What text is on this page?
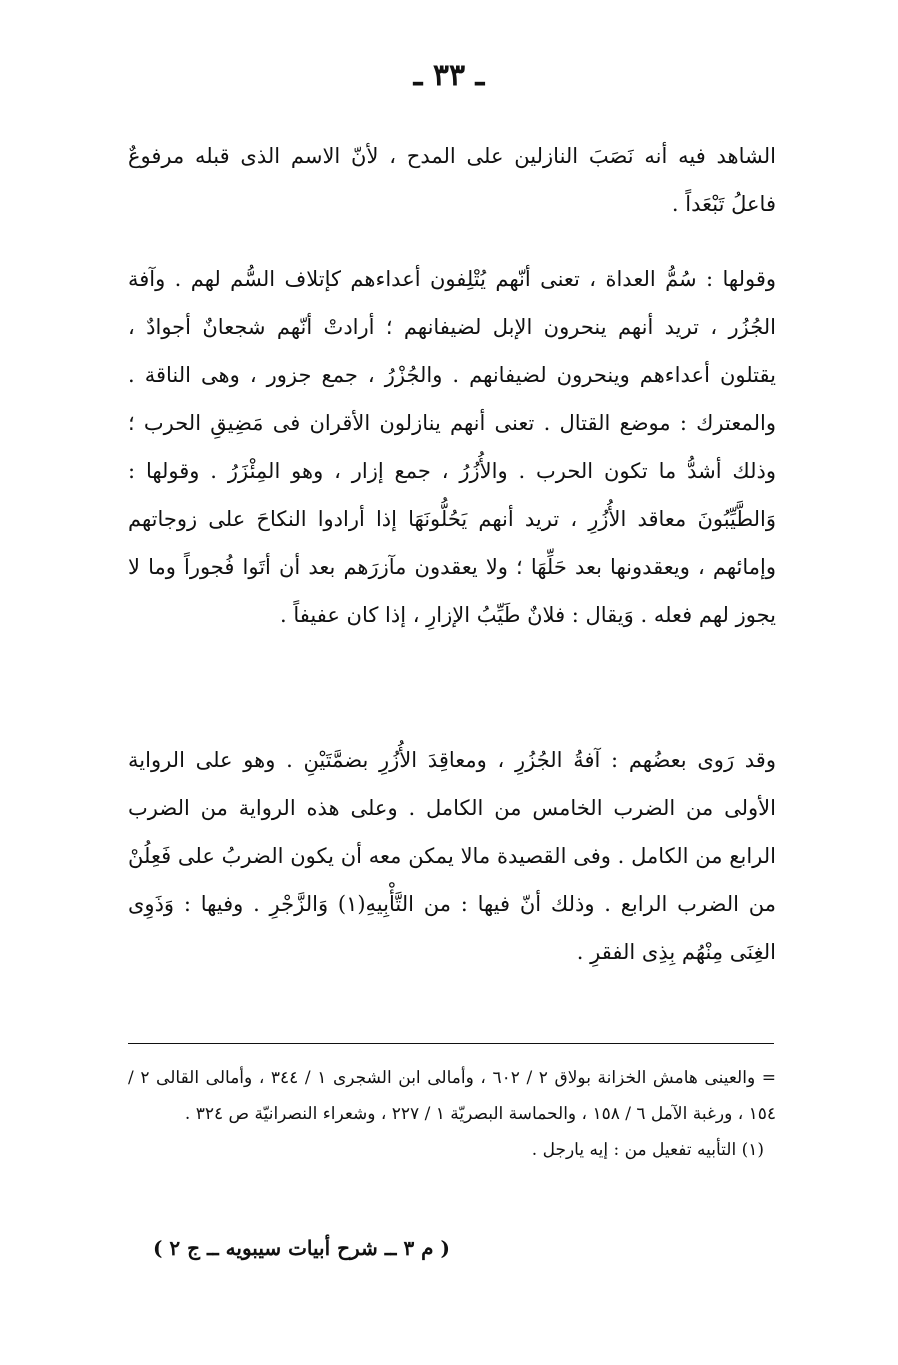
ـ ٣٣ ـ

الشاهد فيه أنه نَصَبَ النازلين على المدح ، لأنّ الاسم الذى قبله مرفوعٌ فاعلُ تَبْعَداً .

وقولها : سُمُّ العداة ، تعنى أنّهم يُتْلِفون أعداءهم كإتلاف السُّم لهم . وآفة الجُزُر ، تريد أنهم ينحرون الإبل لضيفانهم ؛ أرادتْ أنّهم شجعانٌ أجوادٌ ، يقتلون أعداءهم وينحرون لضيفانهم . والجُزْرُ ، جمع جزور ، وهى الناقة . والمعترك : موضع القتال . تعنى أنهم ينازلون الأقران فى مَضِيقِ الحرب ؛ وذلك أشدُّ ما تكون الحرب . والأُزُرُ ، جمع إزار ، وهو المِئْزَرُ . وقولها : وَالطَّيِّبُونَ معاقد الأُزُرِ ، تريد أنهم يَحُلُّونَهَا إذا أرادوا النكاحَ على زوجاتهم وإمائهم ، ويعقدونها بعد حَلِّهَا ؛ ولا يعقدون مآزرَهم بعد أن أتَوا فُجوراً وما لا يجوز لهم فعله . وَيقال : فلانٌ طَيِّبُ الإزارِ ، إذا كان عفيفاً .

وقد رَوى بعضُهم : آفةُ الجُزُرِ ، ومعاقِدَ الأُزُرِ بضمَّتَيْنِ . وهو على الرواية الأولى من الضرب الخامس من الكامل . وعلى هذه الرواية من الضرب الرابع من الكامل . وفى القصيدة مالا يمكن معه أن يكون الضربُ على فَعِلُنْ من الضرب الرابع . وذلك أنّ فيها : من التَّأْبِيهِ(١) وَالزَّجْرِ . وفيها : وَذَوِى الغِنَى مِنْهُم بِذِى الفقرِ .

= والعينى هامش الخزانة بولاق ٢ / ٦٠٢ ، وأمالى ابن الشجرى ١ / ٣٤٤ ، وأمالى القالى ٢ / ١٥٤ ، ورغبة الآمل ٦ / ١٥٨ ، والحماسة البصريّة ١ / ٢٢٧ ، وشعراء النصرانيّة ص ٣٢٤ .

(١) التأبيه تفعيل من : إيه يارجل .

( م ٣ ــ شرح أبيات سيبويه ــ ج ٢ )
